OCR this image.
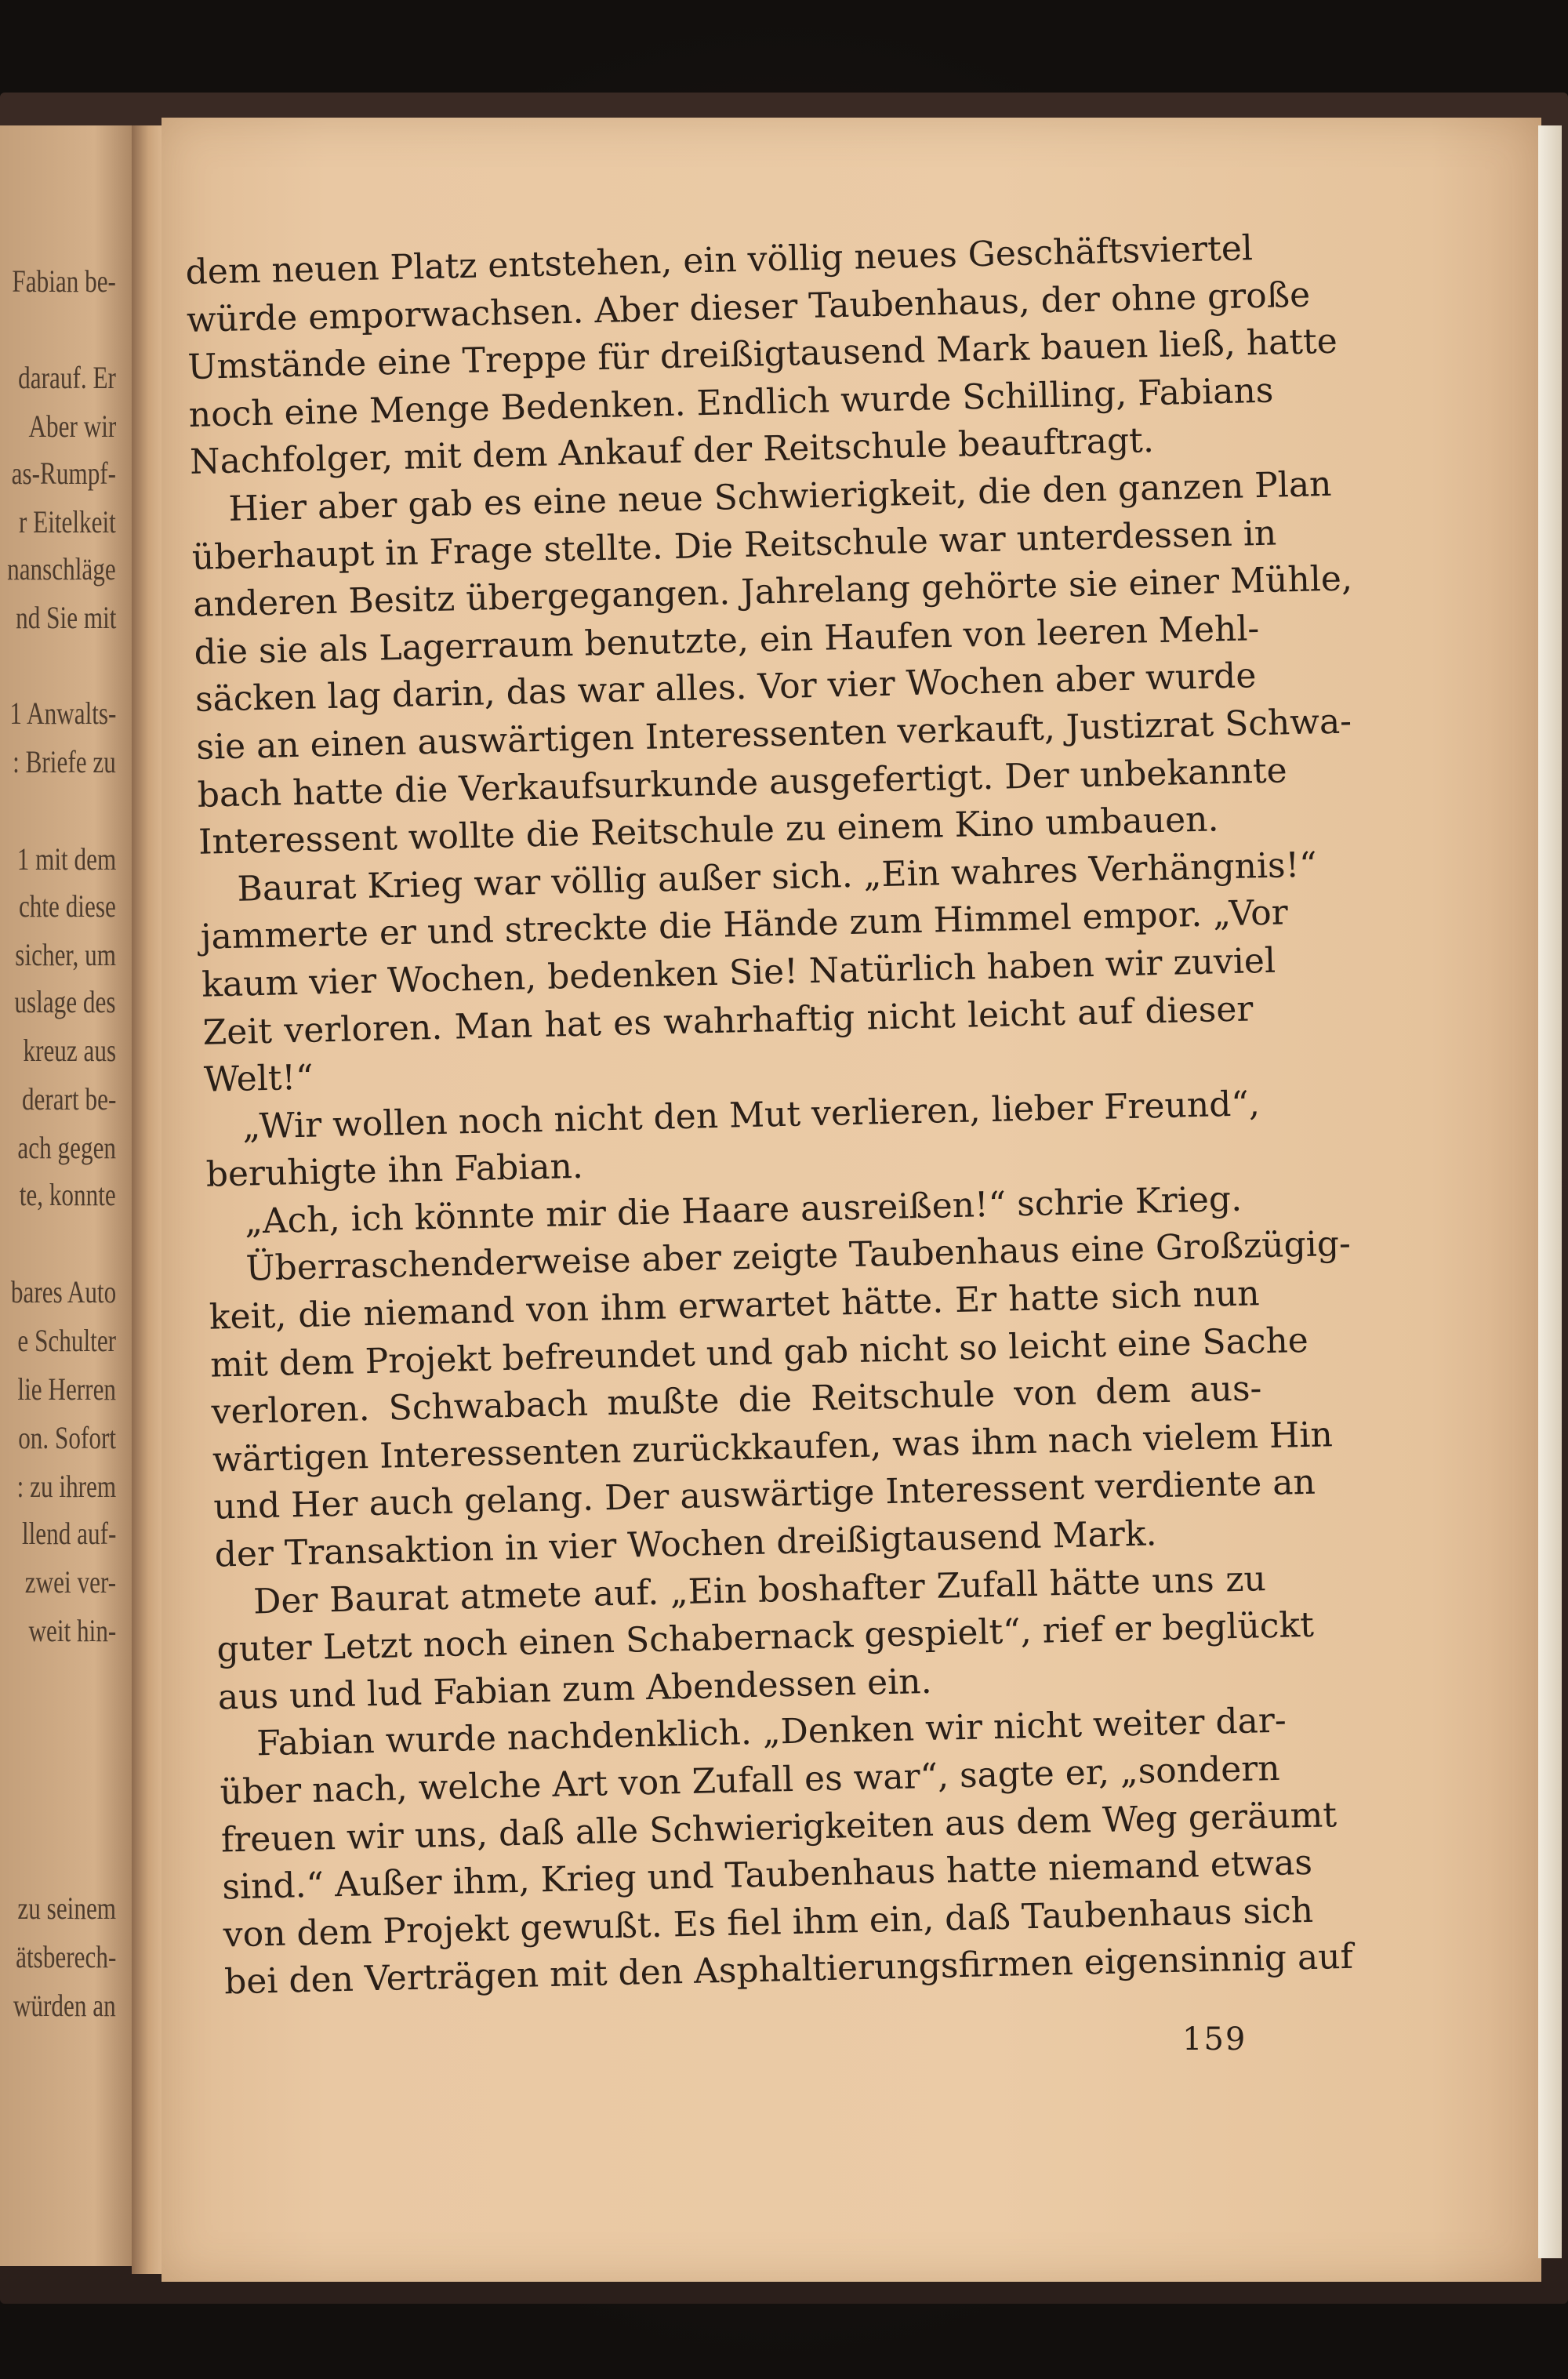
Fabian be-
darauf. Er
Aber wir
as-Rumpf-
r Eitelkeit
nanschläge
nd Sie mit
1 Anwalts-
: Briefe zu
1 mit dem
chte diese
sicher, um
uslage des
kreuz aus
derart be-
ach gegen
te, konnte
bares Auto
e Schulter
lie Herren
on. Sofort
: zu ihrem
llend auf-
zwei ver-
weit hin-
zu seinem
ätsberech-
würden an
dem neuen Platz entstehen, ein völlig neues Geschäftsviertel
würde emporwachsen. Aber dieser Taubenhaus, der ohne große
Umstände eine Treppe für dreißigtausend Mark bauen ließ, hatte
noch eine Menge Bedenken. Endlich wurde Schilling, Fabians
Nachfolger, mit dem Ankauf der Reitschule beauftragt.
Hier aber gab es eine neue Schwierigkeit, die den ganzen Plan
überhaupt in Frage stellte. Die Reitschule war unterdessen in
anderen Besitz übergegangen. Jahrelang gehörte sie einer Mühle,
die sie als Lagerraum benutzte, ein Haufen von leeren Mehl-
säcken lag darin, das war alles. Vor vier Wochen aber wurde
sie an einen auswärtigen Interessenten verkauft, Justizrat Schwa-
bach hatte die Verkaufsurkunde ausgefertigt. Der unbekannte
Interessent wollte die Reitschule zu einem Kino umbauen.
Baurat Krieg war völlig außer sich. „Ein wahres Verhängnis!“
jammerte er und streckte die Hände zum Himmel empor. „Vor
kaum vier Wochen, bedenken Sie! Natürlich haben wir zuviel
Zeit verloren. Man hat es wahrhaftig nicht leicht auf dieser
Welt!“
„Wir wollen noch nicht den Mut verlieren, lieber Freund“,
beruhigte ihn Fabian.
„Ach, ich könnte mir die Haare ausreißen!“ schrie Krieg.
Überraschenderweise aber zeigte Taubenhaus eine Großzügig-
keit, die niemand von ihm erwartet hätte. Er hatte sich nun
mit dem Projekt befreundet und gab nicht so leicht eine Sache
verloren. Schwabach mußte die Reitschule von dem aus-
wärtigen Interessenten zurückkaufen, was ihm nach vielem Hin
und Her auch gelang. Der auswärtige Interessent verdiente an
der Transaktion in vier Wochen dreißigtausend Mark.
Der Baurat atmete auf. „Ein boshafter Zufall hätte uns zu
guter Letzt noch einen Schabernack gespielt“, rief er beglückt
aus und lud Fabian zum Abendessen ein.
Fabian wurde nachdenklich. „Denken wir nicht weiter dar-
über nach, welche Art von Zufall es war“, sagte er, „sondern
freuen wir uns, daß alle Schwierigkeiten aus dem Weg geräumt
sind.“ Außer ihm, Krieg und Taubenhaus hatte niemand etwas
von dem Projekt gewußt. Es fiel ihm ein, daß Taubenhaus sich
bei den Verträgen mit den Asphaltierungsfirmen eigensinnig auf
159
